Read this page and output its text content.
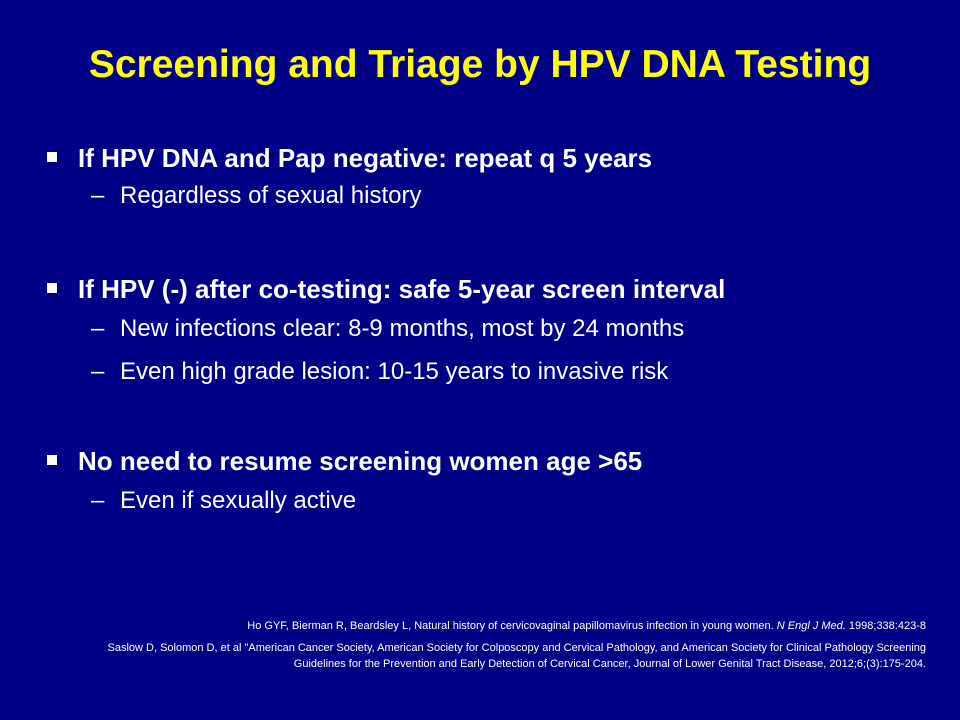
Screening and Triage by HPV DNA Testing
If HPV DNA and Pap negative: repeat q 5 years
– Regardless of sexual history
If HPV (-) after co-testing: safe 5-year screen interval
– New infections clear: 8-9 months, most by 24 months
– Even high grade lesion: 10-15 years to invasive risk
No need to resume screening women age >65
– Even if sexually active

Ho GYF, Bierman R, Beardsley L, Natural history of cervicovaginal papillomavirus infection in young women. N Engl J Med. 1998;338:423-8

Saslow D, Solomon D, et al "American Cancer Society, American Society for Colposcopy and Cervical Pathology, and American Society for Clinical Pathology Screening Guidelines for the Prevention and Early Detection of Cervical Cancer, Journal of Lower Genital Tract Disease, 2012;6;(3):175-204.
